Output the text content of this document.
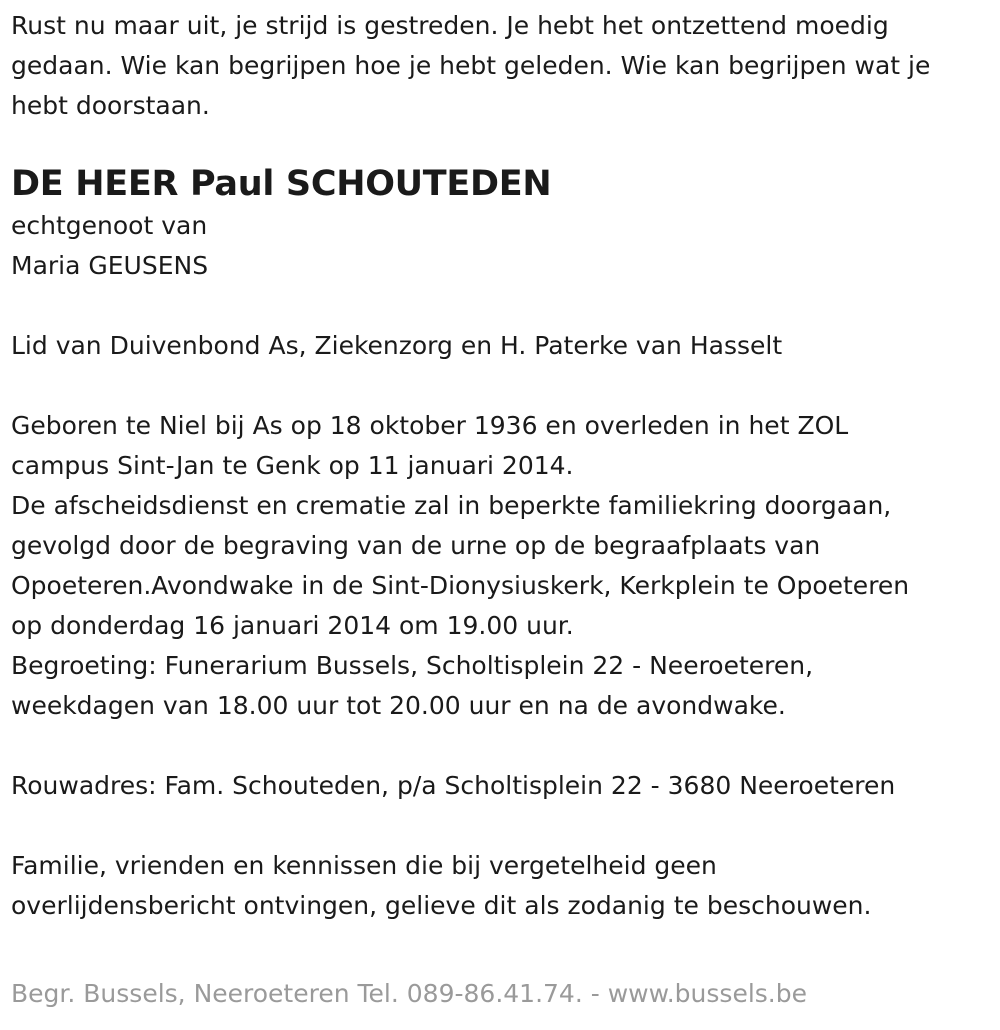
Rust nu maar uit, je strijd is gestreden. Je hebt het ontzettend moedig
gedaan. Wie kan begrijpen hoe je hebt geleden. Wie kan begrijpen wat je
hebt doorstaan.
DE HEER Paul SCHOUTEDEN
echtgenoot van
Maria GEUSENS
Lid van Duivenbond As, Ziekenzorg en H. Paterke van Hasselt
Geboren te Niel bij As op 18 oktober 1936 en overleden in het ZOL
campus Sint-Jan te Genk op 11 januari 2014.
De afscheidsdienst en crematie zal in beperkte familiekring doorgaan,
gevolgd door de begraving van de urne op de begraafplaats van
Opoeteren.Avondwake in de Sint-Dionysiuskerk, Kerkplein te Opoeteren
op donderdag 16 januari 2014 om 19.00 uur.
Begroeting: Funerarium Bussels, Scholtisplein 22 - Neeroeteren,
weekdagen van 18.00 uur tot 20.00 uur en na de avondwake.
Rouwadres: Fam. Schouteden, p/a Scholtisplein 22 - 3680 Neeroeteren
Familie, vrienden en kennissen die bij vergetelheid geen
overlijdensbericht ontvingen, gelieve dit als zodanig te beschouwen.
Begr. Bussels, Neeroeteren Tel. 089-86.41.74. - www.bussels.be
